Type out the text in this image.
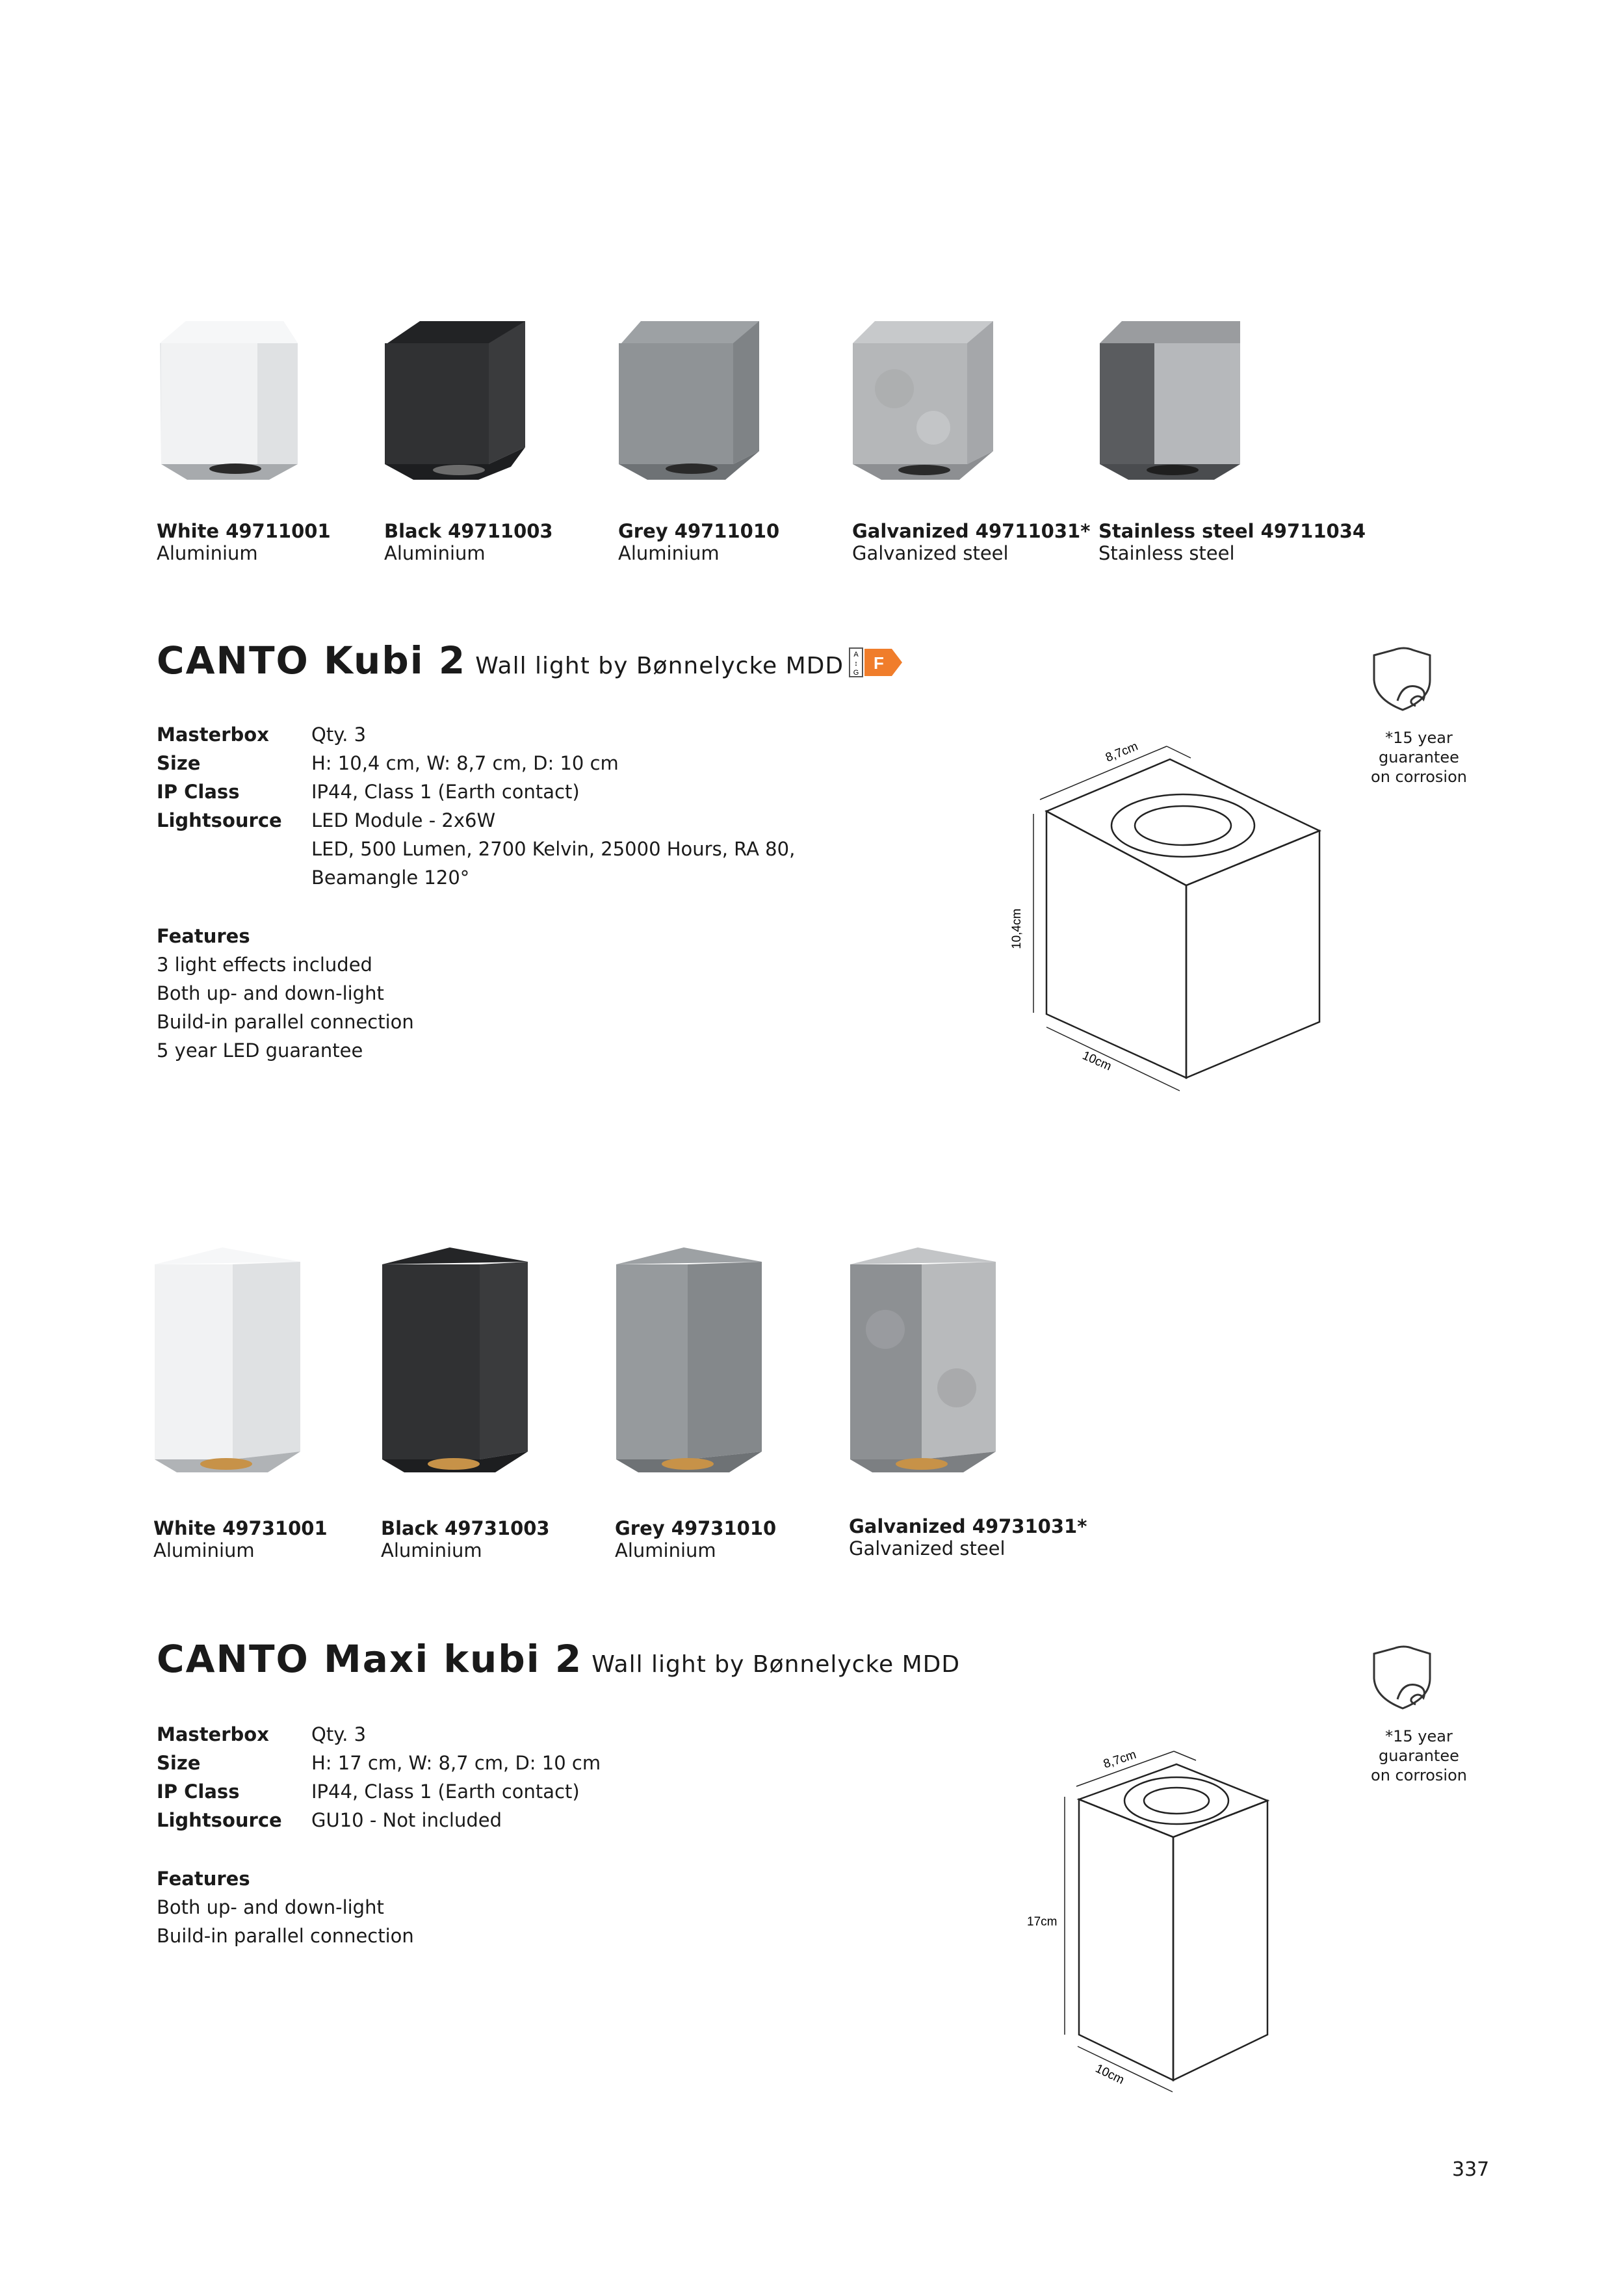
White 49711001
Aluminium
Black 49711003
Aluminium
Grey 49711010
Aluminium
Galvanized 49711031*
Galvanized steel
Stainless steel 49711034
Stainless steel
CANTO Kubi 2 Wall light by Bønnelycke MDD A
↕
G F
Masterbox
Size
IP Class
Lightsource
Qty. 3
H: 10,4 cm, W: 8,7 cm, D: 10 cm
IP44, Class 1 (Earth contact)
LED Module - 2x6W
LED, 500 Lumen, 2700 Kelvin, 25000 Hours, RA 80,
Beamangle 120°
Features
3 light effects included
Both up- and down-light
Build-in parallel connection
5 year LED guarantee
8,7cm
10,4cm
10cm
*15 year guarantee
on corrosion
White 49731001
Aluminium
Black 49731003
Aluminium
Grey 49731010
Aluminium
Galvanized 49731031*
Galvanized steel
CANTO Maxi kubi 2 Wall light by Bønnelycke MDD
Masterbox
Size
IP Class
Lightsource
Qty. 3
H: 17 cm, W: 8,7 cm, D: 10 cm
IP44, Class 1 (Earth contact)
GU10 - Not included
Features
Both up- and down-light
Build-in parallel connection
8,7cm
17cm
10cm
*15 year guarantee
on corrosion
337
